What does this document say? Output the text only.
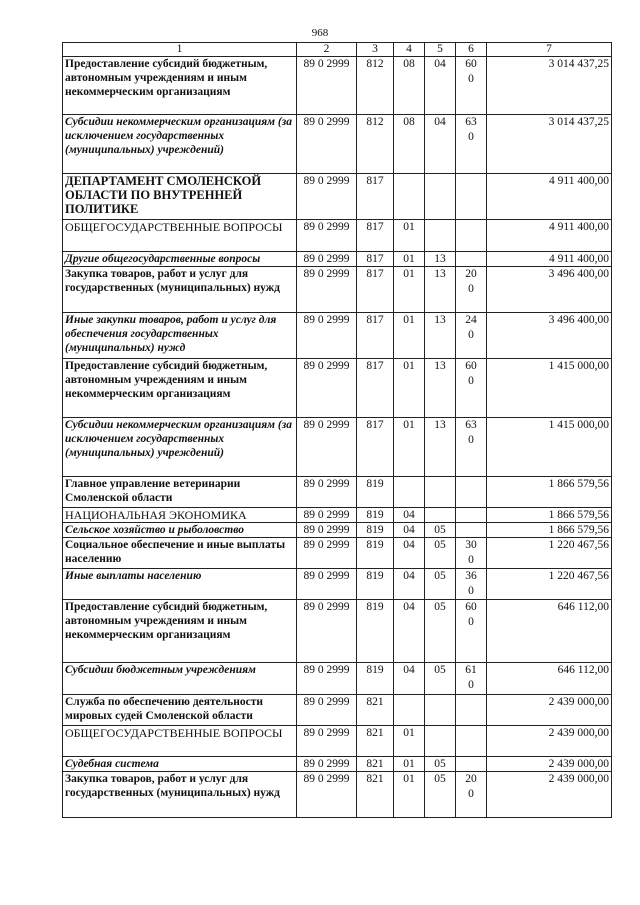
968
1	2	3	4	5	6	7
Предоставление субсидий бюджетным, автономным учреждениям и иным некоммерческим организациям	89 0 2999	812	08	04	600	3 014 437,25
Субсидии некоммерческим организациям (за исключением государственных (муниципальных) учреждений)	89 0 2999	812	08	04	630	3 014 437,25
ДЕПАРТАМЕНТ СМОЛЕНСКОЙ ОБЛАСТИ ПО ВНУТРЕННЕЙ ПОЛИТИКЕ	89 0 2999	817				4 911 400,00
ОБЩЕГОСУДАРСТВЕННЫЕ ВОПРОСЫ	89 0 2999	817	01			4 911 400,00
Другие общегосударственные вопросы	89 0 2999	817	01	13		4 911 400,00
Закупка товаров, работ и услуг для государственных (муниципальных) нужд	89 0 2999	817	01	13	200	3 496 400,00
Иные закупки товаров, работ и услуг для обеспечения государственных (муниципальных) нужд	89 0 2999	817	01	13	240	3 496 400,00
Предоставление субсидий бюджетным, автономным учреждениям и иным некоммерческим организациям	89 0 2999	817	01	13	600	1 415 000,00
Субсидии некоммерческим организациям (за исключением государственных (муниципальных) учреждений)	89 0 2999	817	01	13	630	1 415 000,00
Главное управление ветеринарии Смоленской области	89 0 2999	819				1 866 579,56
НАЦИОНАЛЬНАЯ ЭКОНОМИКА	89 0 2999	819	04			1 866 579,56
Сельское хозяйство и рыболовство	89 0 2999	819	04	05		1 866 579,56
Социальное обеспечение и иные выплаты населению	89 0 2999	819	04	05	300	1 220 467,56
Иные выплаты населению	89 0 2999	819	04	05	360	1 220 467,56
Предоставление субсидий бюджетным, автономным учреждениям и иным некоммерческим организациям	89 0 2999	819	04	05	600	646 112,00
Субсидии бюджетным учреждениям	89 0 2999	819	04	05	610	646 112,00
Служба по обеспечению деятельности мировых судей Смоленской области	89 0 2999	821				2 439 000,00
ОБЩЕГОСУДАРСТВЕННЫЕ ВОПРОСЫ	89 0 2999	821	01			2 439 000,00
Судебная система	89 0 2999	821	01	05		2 439 000,00
Закупка товаров, работ и услуг для государственных (муниципальных) нужд	89 0 2999	821	01	05	200	2 439 000,00
